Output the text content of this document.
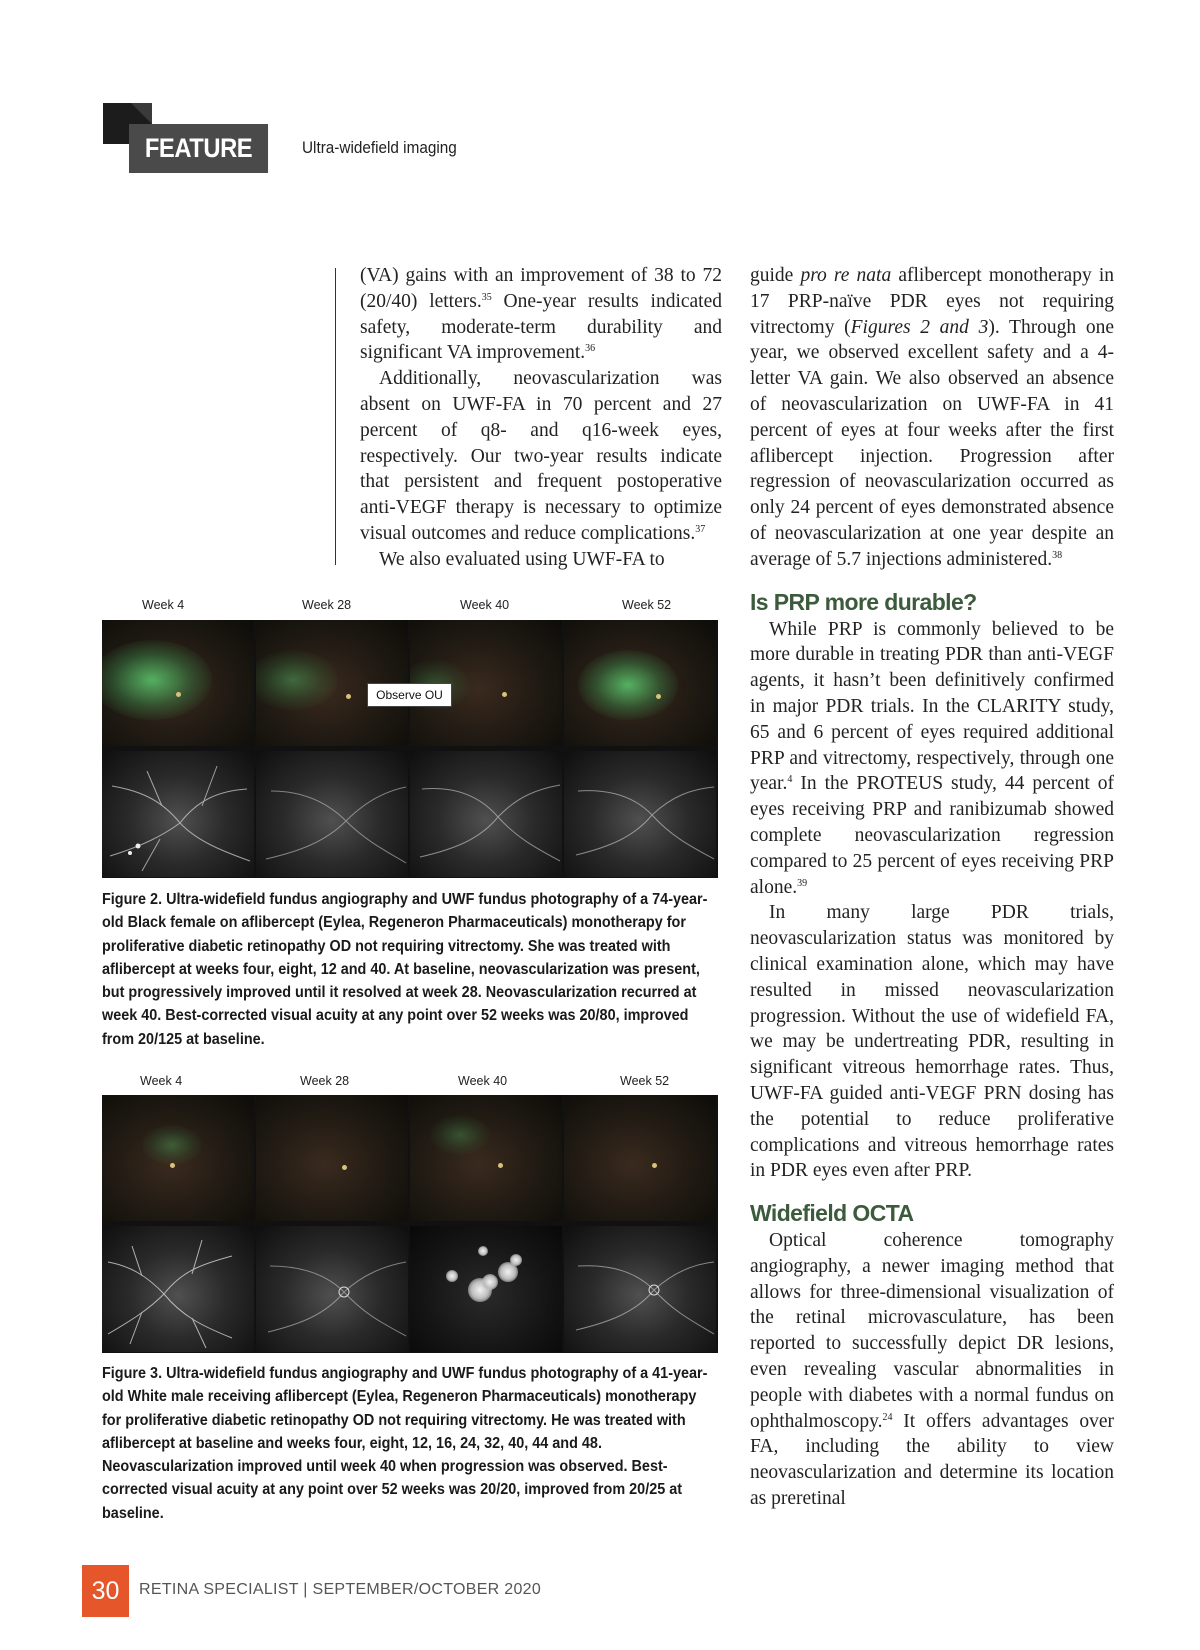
FEATURE	Ultra-widefield imaging

(VA) gains with an improvement of 38 to 72 (20/40) letters.$^{35}$ One-year results indicated safety, moderate-term durability and significant VA improvement.$^{36}$

Additionally, neovascularization was absent on UWF-FA in 70 percent and 27 percent of q8- and q16-week eyes, respectively. Our two-year results indicate that persistent and frequent postoperative anti-VEGF therapy is necessary to optimize visual outcomes and reduce complications.$^{37}$

We also evaluated using UWF-FA to

guide pro re nata aflibercept monotherapy in 17 PRP-naïve PDR eyes not requiring vitrectomy (Figures 2 and 3). Through one year, we observed excellent safety and a 4-letter VA gain. We also observed an absence of neovascularization on UWF-FA in 41 percent of eyes at four weeks after the first aflibercept injection. Progression after regression of neovascularization occurred as only 24 percent of eyes demonstrated absence of neovascularization at one year despite an average of 5.7 injections administered.$^{38}$

Is PRP more durable?

While PRP is commonly believed to be more durable in treating PDR than anti-VEGF agents, it hasn’t been definitively confirmed in major PDR trials. In the CLARITY study, 65 and 6 percent of eyes required additional PRP and vitrectomy, respectively, through one year.$^4$ In the PROTEUS study, 44 percent of eyes receiving PRP and ranibizumab showed complete neovascularization regression compared to 25 percent of eyes receiving PRP alone.$^{39}$

In many large PDR trials, neovascularization status was monitored by clinical examination alone, which may have resulted in missed neovascularization progression. Without the use of widefield FA, we may be undertreating PDR, resulting in significant vitreous hemorrhage rates. Thus, UWF-FA guided anti-VEGF PRN dosing has the potential to reduce proliferative complications and vitreous hemorrhage rates in PDR eyes even after PRP.

Widefield OCTA

Optical coherence tomography angiography, a newer imaging method that allows for three-dimensional visualization of the retinal microvasculature, has been reported to successfully depict DR lesions, even revealing vascular abnormalities in people with diabetes with a normal fundus on ophthalmoscopy.$^{24}$ It offers advantages over FA, including the ability to view neovascularization and determine its location as preretinal

Week 4	Week 28	Week 40	Week 52
Observe OU
Figure 2. Ultra-widefield fundus angiography and UWF fundus photography of a 74-year-old Black female on aflibercept (Eylea, Regeneron Pharmaceuticals) monotherapy for proliferative diabetic retinopathy OD not requiring vitrectomy. She was treated with aflibercept at weeks four, eight, 12 and 40. At baseline, neovascularization was present, but progressively improved until it resolved at week 28. Neovascularization recurred at week 40. Best-corrected visual acuity at any point over 52 weeks was 20/80, improved from 20/125 at baseline.
Week 4	Week 28	Week 40	Week 52
Figure 3. Ultra-widefield fundus angiography and UWF fundus photography of a 41-year-old White male receiving aflibercept (Eylea, Regeneron Pharmaceuticals) monotherapy for proliferative diabetic retinopathy OD not requiring vitrectomy. He was treated with aflibercept at baseline and weeks four, eight, 12, 16, 24, 32, 40, 44 and 48. Neovascularization improved until week 40 when progression was observed. Best-corrected visual acuity at any point over 52 weeks was 20/20, improved from 20/25 at baseline.
30	RETINA SPECIALIST | SEPTEMBER/OCTOBER 2020
